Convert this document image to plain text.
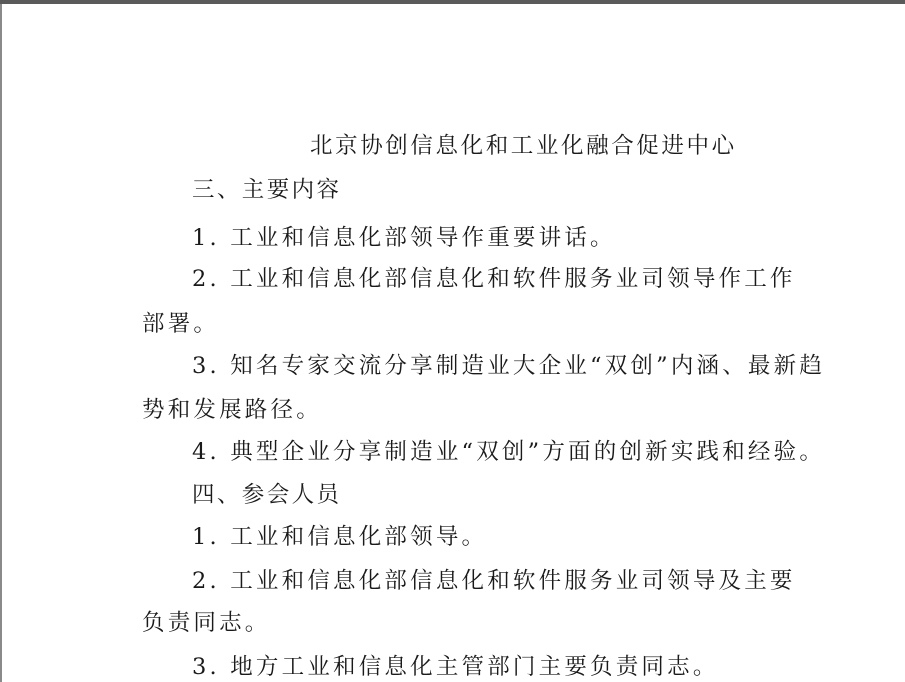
北京协创信息化和工业化融合促进中心
三、主要内容
1. 工业和信息化部领导作重要讲话。
2. 工业和信息化部信息化和软件服务业司领导作工作
部署。
3. 知名专家交流分享制造业大企业“双创”内涵、最新趋
势和发展路径。
4. 典型企业分享制造业“双创”方面的创新实践和经验。
四、参会人员
1. 工业和信息化部领导。
2. 工业和信息化部信息化和软件服务业司领导及主要
负责同志。
3. 地方工业和信息化主管部门主要负责同志。
